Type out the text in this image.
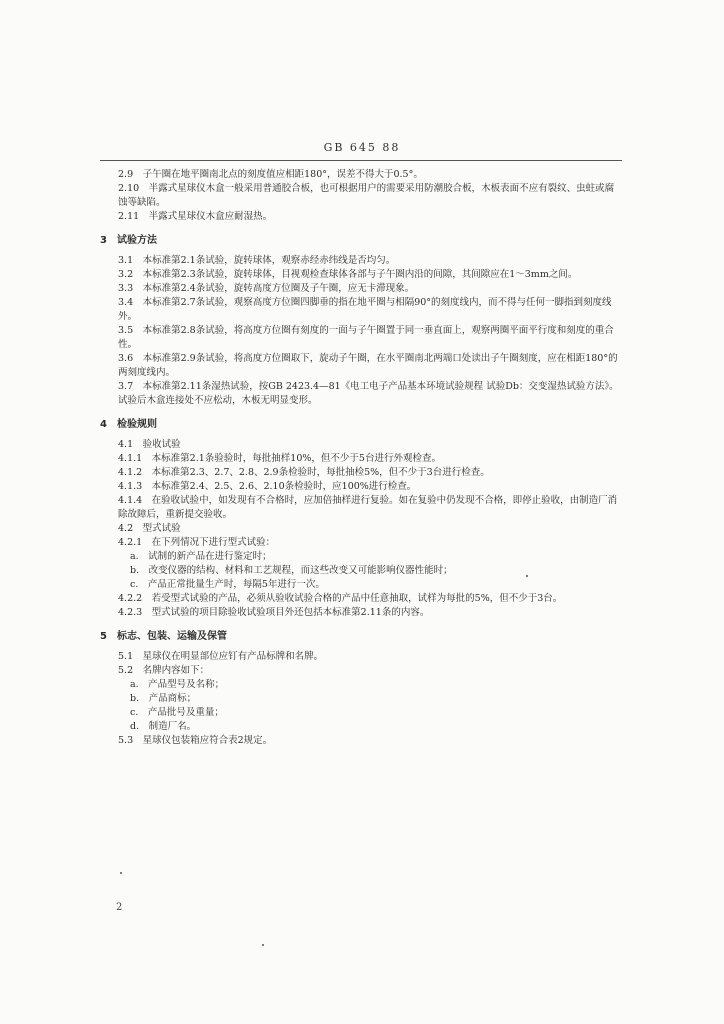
GB 645 88
2.9　子午圈在地平圈南北点的刻度值应相距180°，误差不得大于0.5°。
2.10　半露式星球仪木盒一般采用普通胶合板，也可根据用户的需要采用防潮胶合板，木板表面不应有裂纹、虫蛀或腐蚀等缺陷。
2.11　半露式星球仪木盒应耐湿热。
3　试验方法
3.1　本标准第2.1条试验，旋转球体，观察赤经赤纬线是否均匀。
3.2　本标准第2.3条试验，旋转球体，目视观检查球体各部与子午圈内沿的间隙，其间隙应在1～3mm之间。
3.3　本标准第2.4条试验，旋转高度方位圈及子午圈，应无卡滞现象。
3.4　本标准第2.7条试验，观察高度方位圈四脚垂的指在地平圈与相隔90°的刻度线内，而不得与任何一脚指到刻度线外。
3.5　本标准第2.8条试验，将高度方位圈有刻度的一面与子午圈置于同一垂直面上，观察两圈平面平行度和刻度的重合性。
3.6　本标准第2.9条试验，将高度方位圈取下，旋动子午圈，在水平圈南北两端口处读出子午圈刻度，应在相距180°的两刻度线内。
3.7　本标准第2.11条湿热试验，按GB 2423.4—81《电工电子产品基本环境试验规程 试验Db：交变湿热试验方法》。试验后木盒连接处不应松动，木板无明显变形。
4　检验规则
4.1　验收试验
4.1.1　本标准第2.1条验验时，每批抽样10%，但不少于5台进行外观检查。
4.1.2　本标准第2.3、2.7、2.8、2.9条检验时，每批抽检5%，但不少于3台进行检查。
4.1.3　本标准第2.4、2.5、2.6、2.10条检验时，应100%进行检查。
4.1.4　在验收试验中，如发现有不合格时，应加倍抽样进行复验。如在复验中仍发现不合格，即停止验收，由制造厂消除故障后，重新提交验收。
4.2　型式试验
4.2.1　在下列情况下进行型式试验：
a.　试制的新产品在进行鉴定时；
b.　改变仪器的结构、材料和工艺规程，而这些改变又可能影响仪器性能时；
c.　产品正常批量生产时，每隔5年进行一次。
4.2.2　若受型式试验的产品，必须从验收试验合格的产品中任意抽取，试样为每批的5%，但不少于3台。
4.2.3　型式试验的项目除验收试验项目外还包括本标准第2.11条的内容。
5　标志、包装、运输及保管
5.1　星球仪在明显部位应钉有产品标牌和名牌。
5.2　名牌内容如下：
a.　产品型号及名称；
b.　产品商标；
c.　产品批号及重量；
d.　制造厂名。
5.3　星球仪包装箱应符合表2规定。
2
